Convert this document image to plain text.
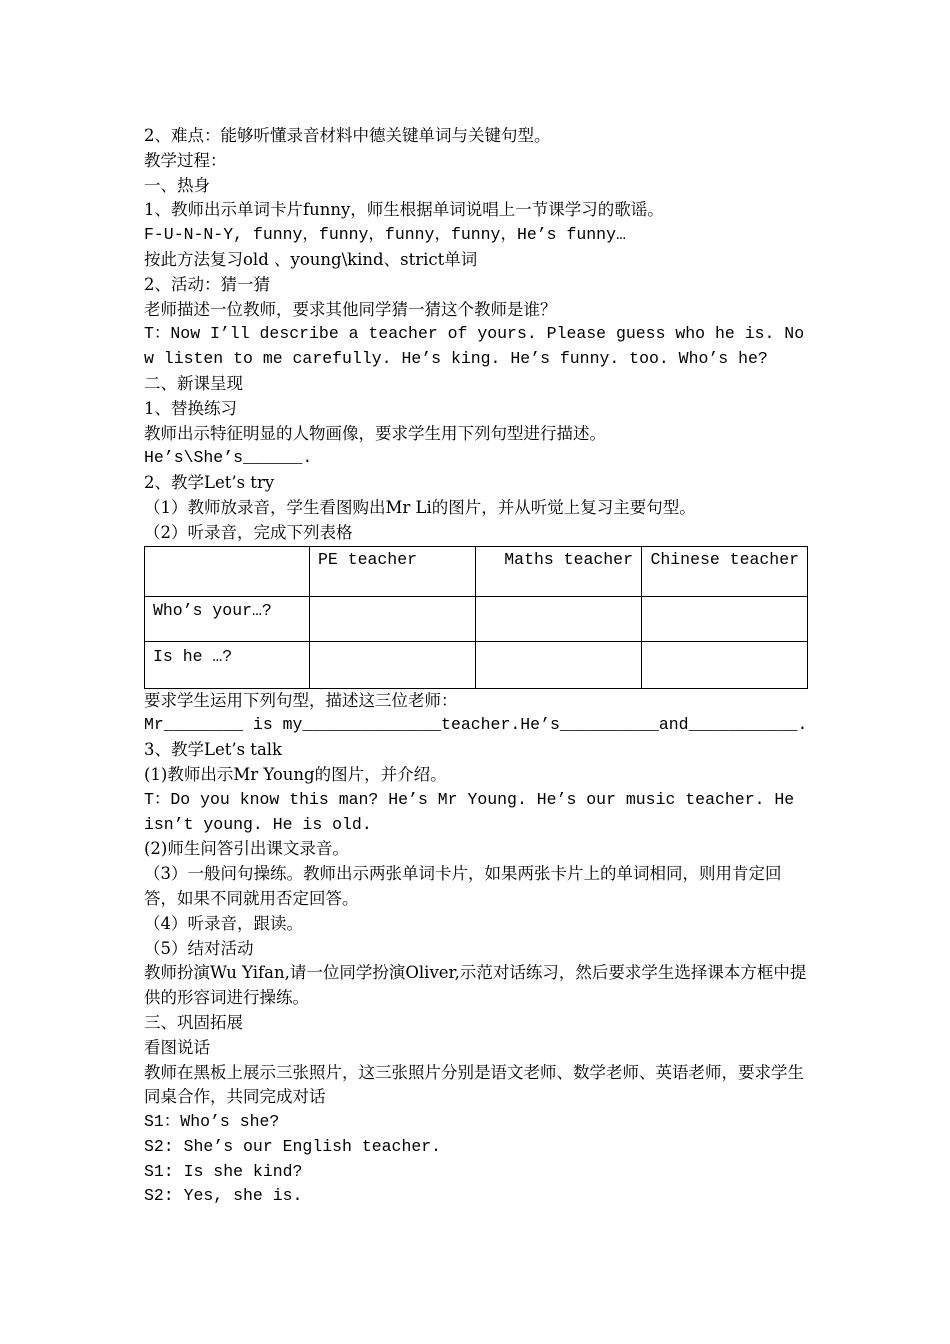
2、难点：能够听懂录音材料中德关键单词与关键句型。
教学过程：
一、热身
1、教师出示单词卡片funny，师生根据单词说唱上一节课学习的歌谣。
F-U-N-N-Y, funny，funny，funny，funny，He’s funny…
按此方法复习old 、young\kind、strict单词
2、活动：猜一猜
老师描述一位教师，要求其他同学猜一猜这个教师是谁？
T：Now I’ll describe a teacher of yours. Please guess who he is. Now listen to me carefully. He’s king. He’s funny. too. Who’s he?
二、新课呈现
1、替换练习
教师出示特征明显的人物画像，要求学生用下列句型进行描述。
He’s\She’s______.
2、教学Let’s try
（1）教师放录音，学生看图购出Mr Li的图片，并从听觉上复习主要句型。
（2）听录音，完成下列表格
	PE teacher	Maths teacher	Chinese teacher
Who’s your…?			
Is he …?			
要求学生运用下列句型，描述这三位老师：
Mr________ is my______________teacher.He’s__________and___________.
3、教学Let’s talk
(1)教师出示Mr Young的图片，并介绍。
T：Do you know this man? He’s Mr Young. He’s our music teacher. He isn’t young. He is old.
(2)师生问答引出课文录音。
（3）一般问句操练。教师出示两张单词卡片，如果两张卡片上的单词相同，则用肯定回答，如果不同就用否定回答。
（4）听录音，跟读。
（5）结对活动
教师扮演Wu Yifan,请一位同学扮演Oliver,示范对话练习，然后要求学生选择课本方框中提供的形容词进行操练。
三、巩固拓展
看图说话
教师在黑板上展示三张照片，这三张照片分别是语文老师、数学老师、英语老师，要求学生同桌合作，共同完成对话
S1：Who’s she?
S2: She’s our English teacher.
S1: Is she kind?
S2: Yes, she is.
